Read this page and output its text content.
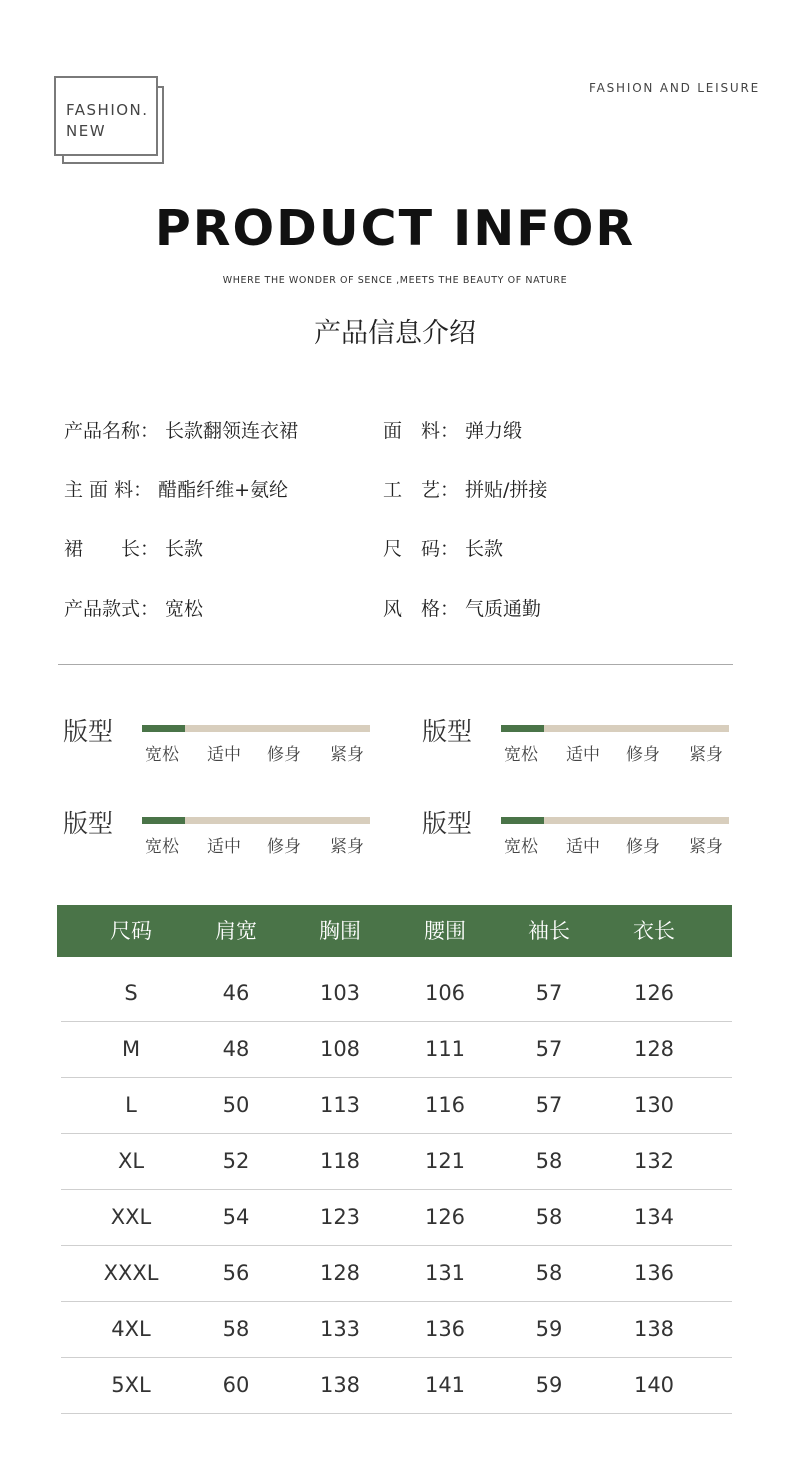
FASHION.
NEW
FASHION AND LEISURE
PRODUCT INFOR
WHERE THE WONDER OF SENCE ,MEETS THE BEAUTY OF NATURE
产品信息介绍
产品名称： 长款翻领连衣裙	面　料： 弹力缎
主 面 料： 醋酯纤维+氨纶	工　艺： 拼贴/拼接
裙　　长： 长款	尺　码： 长款
产品款式： 宽松	风　格： 气质通勤
版型
宽松 适中 修身 紧身
版型
宽松 适中 修身 紧身
版型
宽松 适中 修身 紧身
版型
宽松 适中 修身 紧身
尺码	肩宽	胸围	腰围	袖长	衣长
S	46	103	106	57	126
M	48	108	111	57	128
L	50	113	116	57	130
XL	52	118	121	58	132
XXL	54	123	126	58	134
XXXL	56	128	131	58	136
4XL	58	133	136	59	138
5XL	60	138	141	59	140
